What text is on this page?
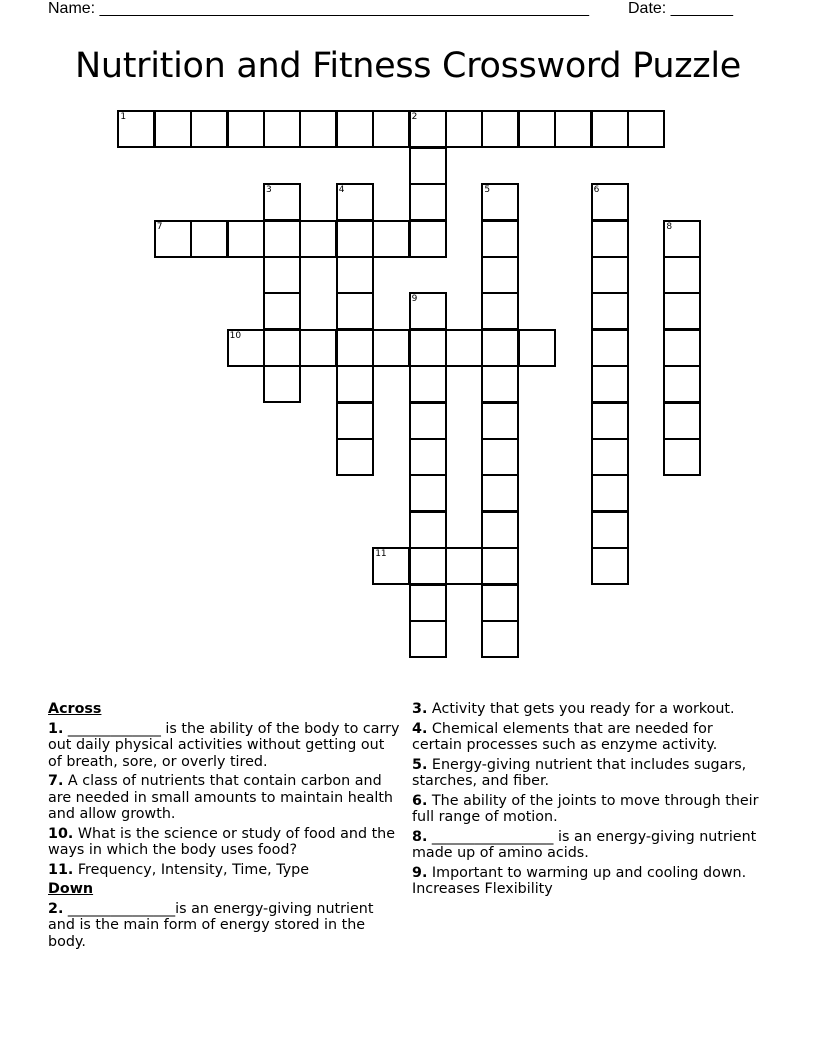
Name: _______________________________________________________ Date: _______
Nutrition and Fitness Crossword Puzzle
1	2
3	4	5	6
7	8
9
10
11
Across
1. _____________ is the ability of the body to carry out daily physical activities without getting out of breath, sore, or overly tired.
7. A class of nutrients that contain carbon and are needed in small amounts to maintain health and allow growth.
10. What is the science or study of food and the ways in which the body uses food?
11. Frequency, Intensity, Time, Type
Down
2. _______________is an energy-giving nutrient and is the main form of energy stored in the body.
3. Activity that gets you ready for a workout.
4. Chemical elements that are needed for certain processes such as enzyme activity.
5. Energy-giving nutrient that includes sugars, starches, and fiber.
6. The ability of the joints to move through their full range of motion.
8. _________________ is an energy-giving nutrient made up of amino acids.
9. Important to warming up and cooling down. Increases Flexibility
